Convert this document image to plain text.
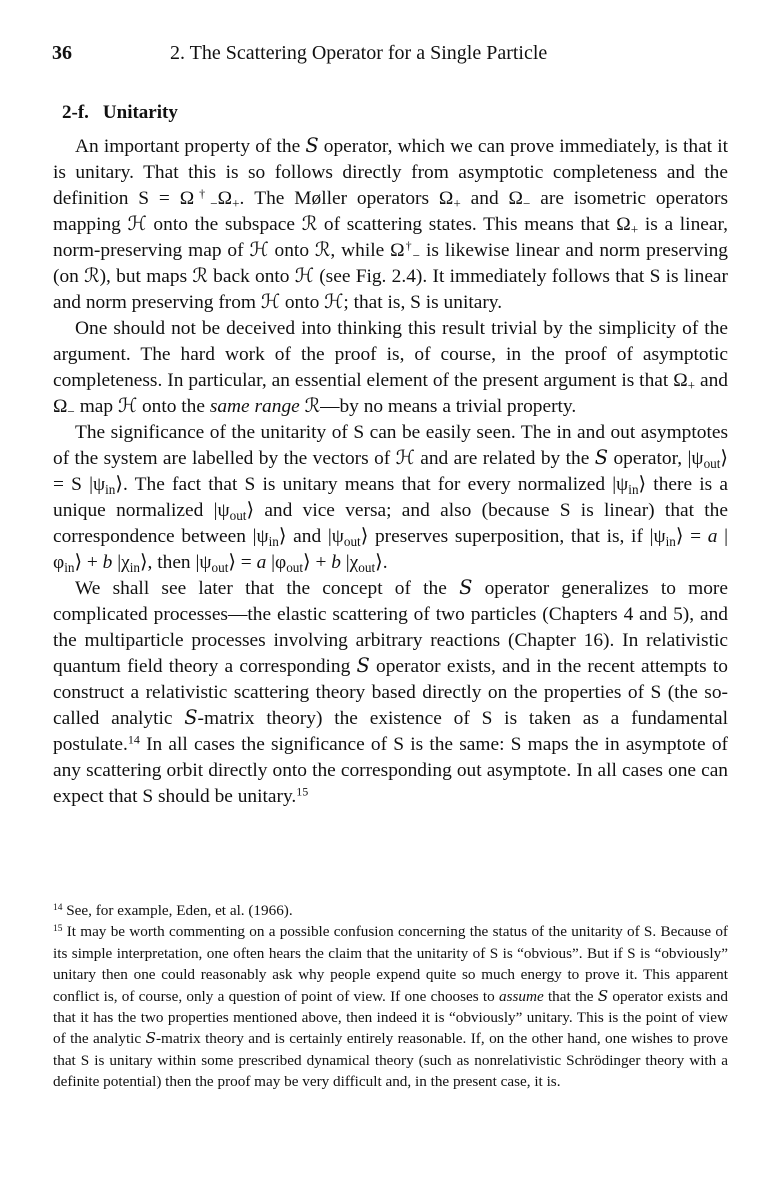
36	2. The Scattering Operator for a Single Particle
2-f. Unitarity

An important property of the 𝑆 operator, which we can prove immediately, is that it is unitary. That this is so follows directly from asymptotic completeness and the definition $S = \Omega^\dagger_-\Omega_+$. The Møller operators $\Omega_+$ and $\Omega_-$ are isometric operators mapping ℋ onto the subspace ℛ of scattering states. This means that $\Omega_+$ is a linear, norm-preserving map of ℋ onto ℛ, while $\Omega^\dagger_-$ is likewise linear and norm preserving (on ℛ), but maps ℛ back onto ℋ (see Fig. 2.4). It immediately follows that S is linear and norm preserving from ℋ onto ℋ; that is, S is unitary.

One should not be deceived into thinking this result trivial by the simplicity of the argument. The hard work of the proof is, of course, in the proof of asymptotic completeness. In particular, an essential element of the present argument is that $\Omega_+$ and $\Omega_-$ map ℋ onto the same range ℛ—by no means a trivial property.

The significance of the unitarity of S can be easily seen. The in and out asymptotes of the system are labelled by the vectors of ℋ and are related by the 𝑆 operator, $|\psi_{out}⟩ = S$ $|\psi_{in}⟩$. The fact that S is unitary means that for every normalized $|\psi_{in}⟩$ there is a unique normalized $|\psi_{out}⟩$ and vice versa; and also (because S is linear) that the correspondence between $|\psi_{in}⟩$ and $|\psi_{out}⟩$ preserves superposition, that is, if $|\psi_{in}⟩ = a$ $|\varphi_{in}⟩ + b$ $|\chi_{in}⟩$, then $|\psi_{out}⟩ = a$ $|\varphi_{out}⟩ + b$ $|\chi_{out}⟩$.

We shall see later that the concept of the 𝑆 operator generalizes to more complicated processes—the elastic scattering of two particles (Chapters 4 and 5), and the multiparticle processes involving arbitrary reactions (Chapter 16). In relativistic quantum field theory a corresponding 𝑆 operator exists, and in the recent attempts to construct a relativistic scattering theory based directly on the properties of S (the so-called analytic 𝑆-matrix theory) the existence of S is taken as a fundamental postulate.$^{14}$ In all cases the significance of S is the same: S maps the in asymptote of any scattering orbit directly onto the corresponding out asymptote. In all cases one can expect that S should be unitary.$^{15}$

$^{14}$ See, for example, Eden, et al. (1966).

$^{15}$ It may be worth commenting on a possible confusion concerning the status of the unitarity of S. Because of its simple interpretation, one often hears the claim that the unitarity of S is “obvious”. But if S is “obviously” unitary then one could reasonably ask why people expend quite so much energy to prove it. This apparent conflict is, of course, only a question of point of view. If one chooses to assume that the 𝑆 operator exists and that it has the two properties mentioned above, then indeed it is “obviously” unitary. This is the point of view of the analytic 𝑆-matrix theory and is certainly entirely reasonable. If, on the other hand, one wishes to prove that S is unitary within some prescribed dynamical theory (such as nonrelativistic Schrödinger theory with a definite potential) then the proof may be very difficult and, in the present case, it is.
